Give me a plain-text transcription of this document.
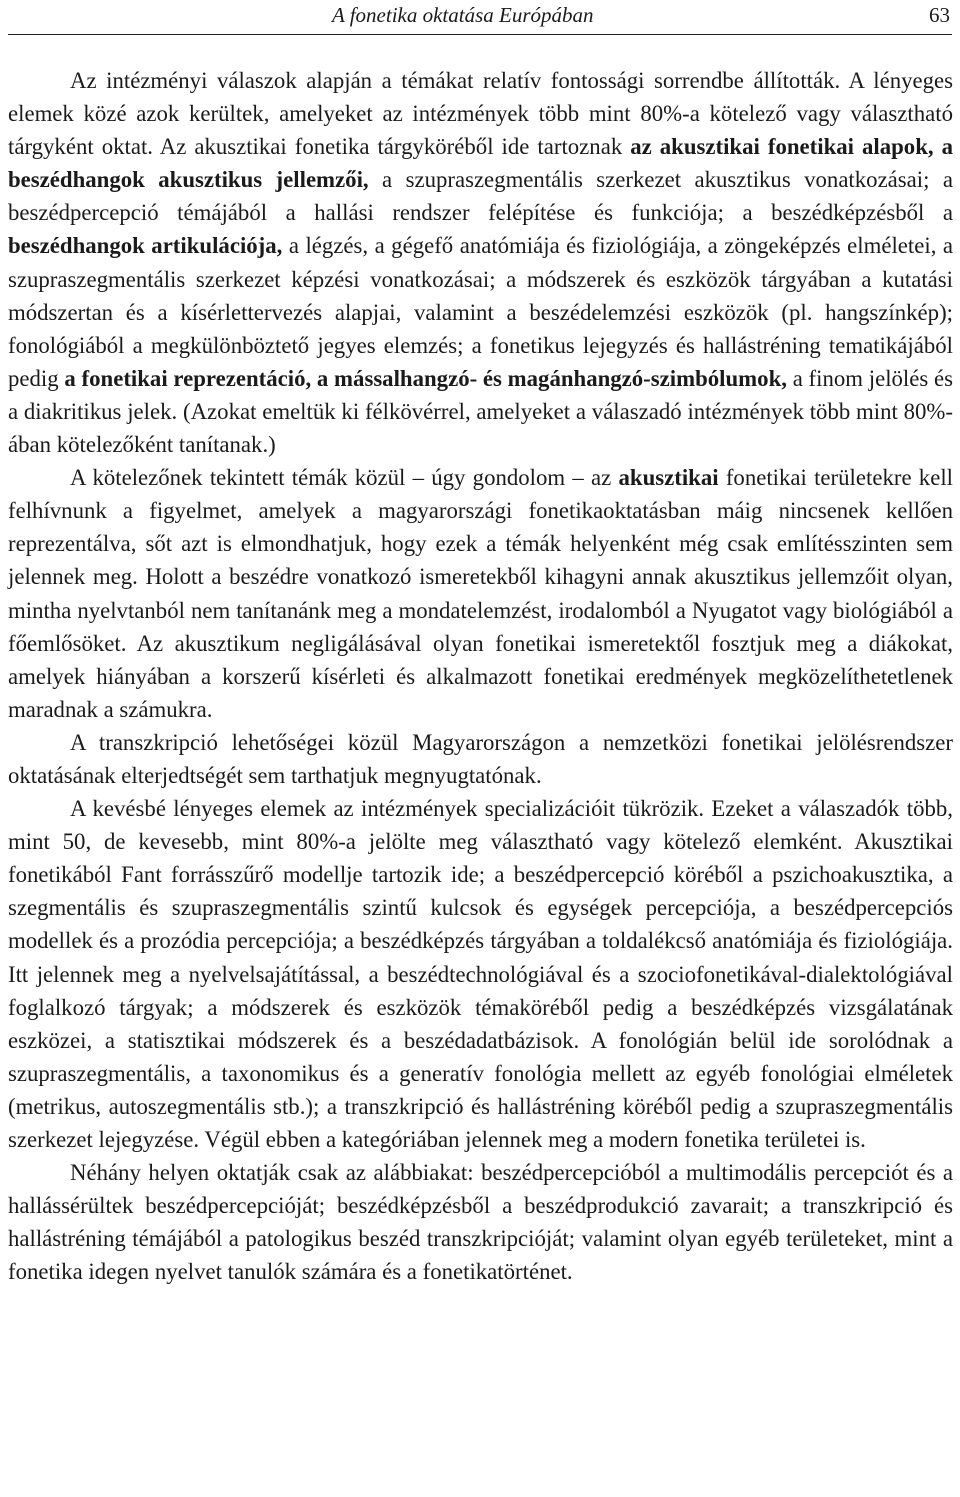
A fonetika oktatása Európában	63

Az intézményi válaszok alapján a témákat relatív fontossági sorrendbe állították. A lényeges elemek közé azok kerültek, amelyeket az intézmények több mint 80%-a kötelező vagy választható tárgyként oktat. Az akusztikai fonetika tárgyköréből ide tartoznak az akusztikai fonetikai alapok, a beszédhangok akusztikus jellemzői, a szupraszegmentális szerkezet akusztikus vonatkozásai; a beszédpercepció témájából a hallási rendszer felépítése és funkciója; a beszédképzésből a beszédhangok artikulációja, a légzés, a gégefő anatómiája és fiziológiája, a zöngeképzés elméletei, a szupraszegmentális szerkezet képzési vonatkozásai; a módszerek és eszközök tárgyában a kutatási módszertan és a kísérlettervezés alapjai, valamint a beszédelemzési eszközök (pl. hangszínkép); fonológiából a megkülönböztető jegyes elemzés; a fonetikus lejegyzés és hallástréning tematikájából pedig a fonetikai reprezentáció, a mássalhangzó- és magánhangzó-szimbólumok, a finom jelölés és a diakritikus jelek. (Azokat emeltük ki félkövérrel, amelyeket a válaszadó intézmények több mint 80%-ában kötelezőként tanítanak.)

A kötelezőnek tekintett témák közül – úgy gondolom – az akusztikai fonetikai területekre kell felhívnunk a figyelmet, amelyek a magyarországi fonetikaoktatásban máig nincsenek kellően reprezentálva, sőt azt is elmondhatjuk, hogy ezek a témák helyenként még csak említésszinten sem jelennek meg. Holott a beszédre vonatkozó ismeretekből kihagyni annak akusztikus jellemzőit olyan, mintha nyelvtanból nem tanítanánk meg a mondatelemzést, irodalomból a Nyugatot vagy biológiából a főemlősöket. Az akusztikum negligálásával olyan fonetikai ismeretektől fosztjuk meg a diákokat, amelyek hiányában a korszerű kísérleti és alkalmazott fonetikai eredmények megközelíthetetlenek maradnak a számukra.

A transzkripció lehetőségei közül Magyarországon a nemzetközi fonetikai jelölésrendszer oktatásának elterjedtségét sem tarthatjuk megnyugtatónak.

A kevésbé lényeges elemek az intézmények specializációit tükrözik. Ezeket a válaszadók több, mint 50, de kevesebb, mint 80%-a jelölte meg választható vagy kötelező elemként. Akusztikai fonetikából Fant forrásszűrő modellje tartozik ide; a beszédpercepció köréből a pszichoakusztika, a szegmentális és szupraszegmentális szintű kulcsok és egységek percepciója, a beszédpercepciós modellek és a prozódia percepciója; a beszédképzés tárgyában a toldalékcső anatómiája és fiziológiája. Itt jelennek meg a nyelvelsajátítással, a beszédtechnológiával és a szociofonetikával-dialektológiával foglalkozó tárgyak; a módszerek és eszközök témaköréből pedig a beszédképzés vizsgálatának eszközei, a statisztikai módszerek és a beszédadatbázisok. A fonológián belül ide sorolódnak a szupraszegmentális, a taxonomikus és a generatív fonológia mellett az egyéb fonológiai elméletek (metrikus, autoszegmentális stb.); a transzkripció és hallástréning köréből pedig a szupraszegmentális szerkezet lejegyzése. Végül ebben a kategóriában jelennek meg a modern fonetika területei is.

Néhány helyen oktatják csak az alábbiakat: beszédpercepcióból a multimodális percepciót és a hallássérültek beszédpercepcióját; beszédképzésből a beszédprodukció zavarait; a transzkripció és hallástréning témájából a patologikus beszéd transzkripcióját; valamint olyan egyéb területeket, mint a fonetika idegen nyelvet tanulók számára és a fonetikatörténet.
